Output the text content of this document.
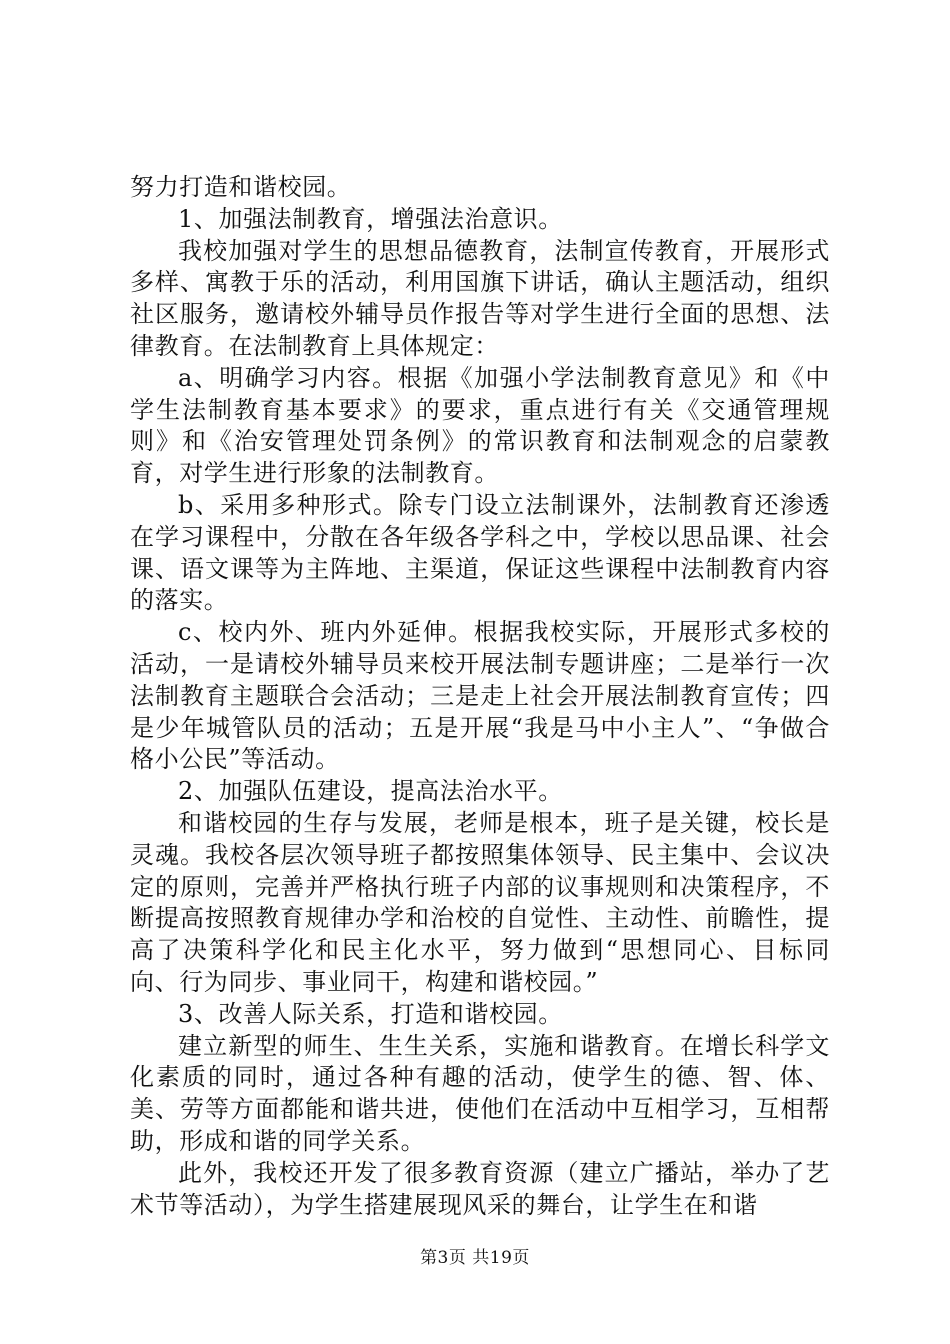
努力打造和谐校园。

1、加强法制教育，增强法治意识。

我校加强对学生的思想品德教育，法制宣传教育，开展形式多样、寓教于乐的活动，利用国旗下讲话，确认主题活动，组织社区服务，邀请校外辅导员作报告等对学生进行全面的思想、法律教育。在法制教育上具体规定：

a、明确学习内容。根据《加强小学法制教育意见》和《中学生法制教育基本要求》的要求，重点进行有关《交通管理规则》和《治安管理处罚条例》的常识教育和法制观念的启蒙教育，对学生进行形象的法制教育。

b、采用多种形式。除专门设立法制课外，法制教育还渗透在学习课程中，分散在各年级各学科之中，学校以思品课、社会课、语文课等为主阵地、主渠道，保证这些课程中法制教育内容的落实。

c、校内外、班内外延伸。根据我校实际，开展形式多校的活动，一是请校外辅导员来校开展法制专题讲座；二是举行一次法制教育主题联合会活动；三是走上社会开展法制教育宣传；四是少年城管队员的活动；五是开展“我是马中小主人”、“争做合格小公民”等活动。

2、加强队伍建设，提高法治水平。

和谐校园的生存与发展，老师是根本，班子是关键，校长是灵魂。我校各层次领导班子都按照集体领导、民主集中、会议决定的原则，完善并严格执行班子内部的议事规则和决策程序，不断提高按照教育规律办学和治校的自觉性、主动性、前瞻性，提高了决策科学化和民主化水平，努力做到“思想同心、目标同向、行为同步、事业同干，构建和谐校园。”

3、改善人际关系，打造和谐校园。

建立新型的师生、生生关系，实施和谐教育。在增长科学文化素质的同时，通过各种有趣的活动，使学生的德、智、体、美、劳等方面都能和谐共进，使他们在活动中互相学习，互相帮助，形成和谐的同学关系。

此外，我校还开发了很多教育资源（建立广播站，举办了艺术节等活动），为学生搭建展现风采的舞台，让学生在和谐

第3页 共19页
